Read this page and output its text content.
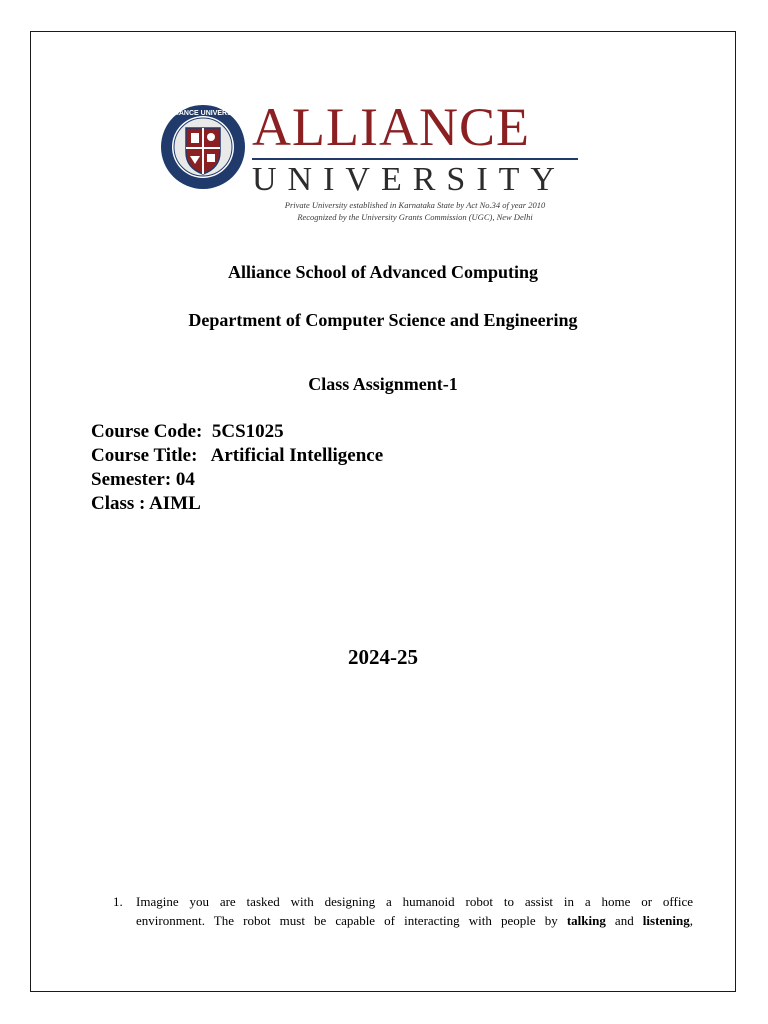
ALLIANCE UNIVERSITY ALLIANCE
UNIVERSITY
Private University established in Karnataka State by Act No.34 of year 2010
Recognized by the University Grants Commission (UGC), New Delhi
Alliance School of Advanced Computing
Department of Computer Science and Engineering
Class Assignment-1
Course Code: 5CS1025
Course Title: Artificial Intelligence
Semester: 04
Class : AIML
2024-25
1. Imagine you are tasked with designing a humanoid robot to assist in a home or office
environment. The robot must be capable of interacting with people by talking and listening,
